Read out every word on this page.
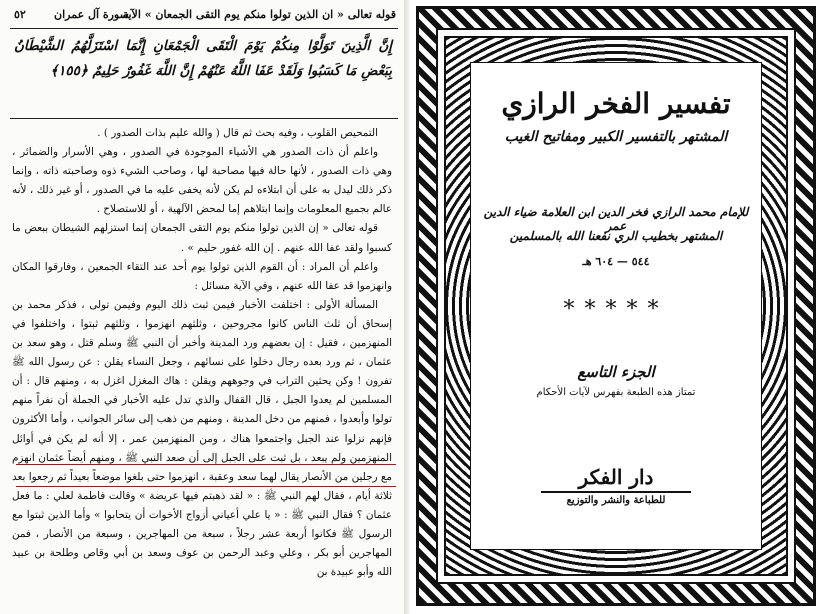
قوله تعالى « ان الذين تولوا منكم يوم التقى الجمعان » الآية
سورة آل عمران
٥٢
إِنَّ الَّذِينَ تَوَلَّوْا مِنكُمْ يَوْمَ الْتَقَى الْجَمْعَانِ إِنَّمَا اسْتَزَلَّهُمُ الشَّيْطَانُ بِبَعْضِ مَا كَسَبُوا وَلَقَدْ عَفَا اللَّهُ عَنْهُمْ إِنَّ اللَّهَ غَفُورٌ حَلِيمٌ ﴿١٥٥﴾

التمحيص القلوب ، وفيه بحث ثم قال ( والله عليم بذات الصدور ) .

واعلم أن ذات الصدور هي الأشياء الموجودة في الصدور ، وهي الأسرار والضمائر ، وهي ذات الصدور ، لأنها حالة فيها مصاحبة لها ، وصاحب الشيء ذوه وصاحبته ذاته ، وإنما ذكر ذلك ليدل به على أن ابتلاءه لم يكن لأنه يخفى عليه ما في الصدور ، أو غير ذلك ، لأنه عالم بجميع المعلومات وإنما ابتلاهم إما لمحض الآلهية ، أو للاستصلاح .

قوله تعالى « إن الذين تولوا منكم يوم التقى الجمعان إنما استزلهم الشيطان ببعض ما كسبوا ولقد عفا الله عنهم . إن الله غفور حليم » .

واعلم أن المراد : أن القوم الذين تولوا يوم أحد عند التقاء الجمعين ، وفارقوا المكان وانهزموا قد عفا الله عنهم ، وفي الآية مسائل :

المسألة الأولى : اختلفت الأخبار فيمن ثبت ذلك اليوم وفيمن تولى ، فذكر محمد بن إسحاق أن ثلث الناس كانوا مجروحين ، وثلثهم انهزموا ، وثلثهم ثبتوا ، واختلفوا في المنهزمين ، فقيل : إن بعضهم ورد المدينة وأخبر أن النبي ﷺ وسلم قتل ، وهو سعد بن عثمان ، ثم ورد بعده رجال دخلوا على نسائهم ، وجعل النساء يقلن : عن رسول الله ﷺ تفرون ! وكن يحثين التراب في وجوههم ويقلن : هاك المغزل اغزل به ، ومنهم قال : أن المسلمين لم يعدوا الجبل ، قال القفال والذي تدل عليه الأخبار في الجملة أن نفراً منهم تولوا وأبعدوا ، فمنهم من دخل المدينة ، ومنهم من ذهب إلى سائر الجوانب ، وأما الأكثرون فإنهم نزلوا عند الجبل واجتمعوا هناك ، ومن المنهزمين عمر ، إلا أنه لم يكن في أوائل المنهزمين ولم يبعد ، بل ثبت على الجبل إلى أن صعد النبي ﷺ ، ومنهم أيضاً عثمان انهزم مع رجلين من الأنصار يقال لهما سعد وعقبة ، انهزموا حتى بلغوا موضعاً بعيداً ثم رجعوا بعد ثلاثة أيام ، فقال لهم النبي ﷺ : « لقد ذهبتم فيها عريضة » وقالت فاطمة لعلي : ما فعل عثمان ؟ فقال النبي ﷺ : « يا علي أعياني أزواج الأخوات أن يتحابوا » وأما الذين ثبتوا مع الرسول ﷺ فكانوا أربعة عشر رجلاً ، سبعة من المهاجرين ، وسبعة من الأنصار ، فمن المهاجرين أبو بكر ، وعلي وعبد الرحمن بن عوف وسعد بن أبي وقاص وطلحة بن عبيد الله وأبو عبيدة بن

تفسير الفخر الرازي
المشتهر بالتفسير الكبير ومفاتيح الغيب
للإمام محمد الرازي فخر الدين ابن العلامة ضياء الدين عمر
المشتهر بخطيب الري نفعنا الله بالمسلمين
٥٤٤ — ٦٠٤ هـ
*****
الجزء التاسع
تمتاز هذه الطبعة بفهرس لآيات الأحكام
دار الفكر
للطباعة والنشر والتوزيع
